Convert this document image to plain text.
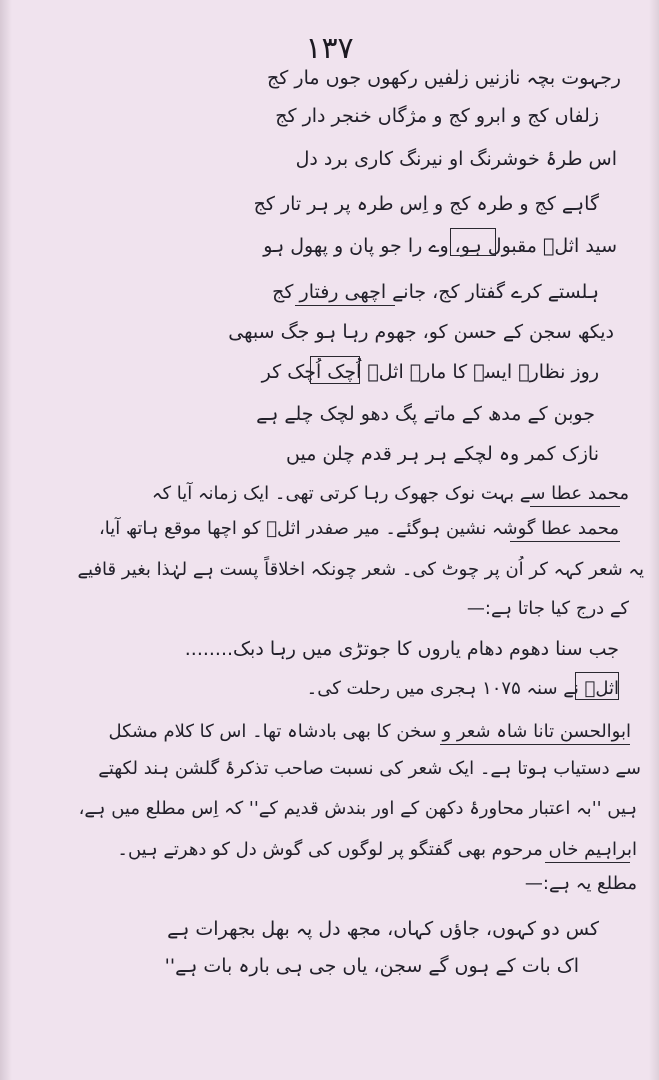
۱۳۷
رجہوت بچہ نازنیں زلفیں رکھوں جوں مار کج
زلفاں کج و ابرو کج و مژگاں خنجر دار کج
اس طرۂ خوشرنگ او نیرنگ کاری برد دل
گاہے کج و طرہ کج و اِس طرہ پر ہر تار کج
سید اثلؔ مقبول ہو، وے را جو پان و پھول ہو
ہلستے کرے گفتار کج، جانے اچھی رفتار کج
دیکھ سجن کے حسن کو، جھوم رہا ہو جگ سبھی
روز نظارہ ایسے کا مارے اثلؔ اُچک اُچک کر
جوبن کے مدھ کے ماتے پگ دھو لچک چلے ہے
نازک کمر وہ لچکے ہر ہر قدم چلن میں
محمد عطا سے بہت نوک جھوک رہا کرتی تھی۔ ایک زمانہ آیا کہ
محمد عطا گوشہ نشین ہوگئے۔ میر صفدر اثلؔ کو اچھا موقع ہاتھ آیا،
یہ شعر کہہ کر اُن پر چوٹ کی۔ شعر چونکہ اخلاقاً پست ہے لہٰذا بغیر قافیے
کے درج کیا جاتا ہے:—
جب سنا دھوم دھام یاروں کا جوتڑی میں رہا دبک........
اثلؔ نے سنہ ۱۰۷۵ ہجری میں رحلت کی۔
ابوالحسن تانا شاہ شعر و سخن کا بھی بادشاہ تھا۔ اس کا کلام مشکل
سے دستیاب ہوتا ہے۔ ایک شعر کی نسبت صاحب تذکرۂ گلشن ہند لکھتے
ہیں ''بہ اعتبار محاورۂ دکھن کے اور بندش قدیم کے'' کہ اِس مطلع میں ہے،
ابراہیم خاں مرحوم بھی گفتگو پر لوگوں کی گوش دل کو دھرتے ہیں۔
مطلع یہ ہے:—
کس دو کہوں، جاؤں کہاں، مجھ دل پہ بھل بجھرات ہے
اک بات کے ہوں گے سجن، یاں جی ہی بارہ بات ہے''
